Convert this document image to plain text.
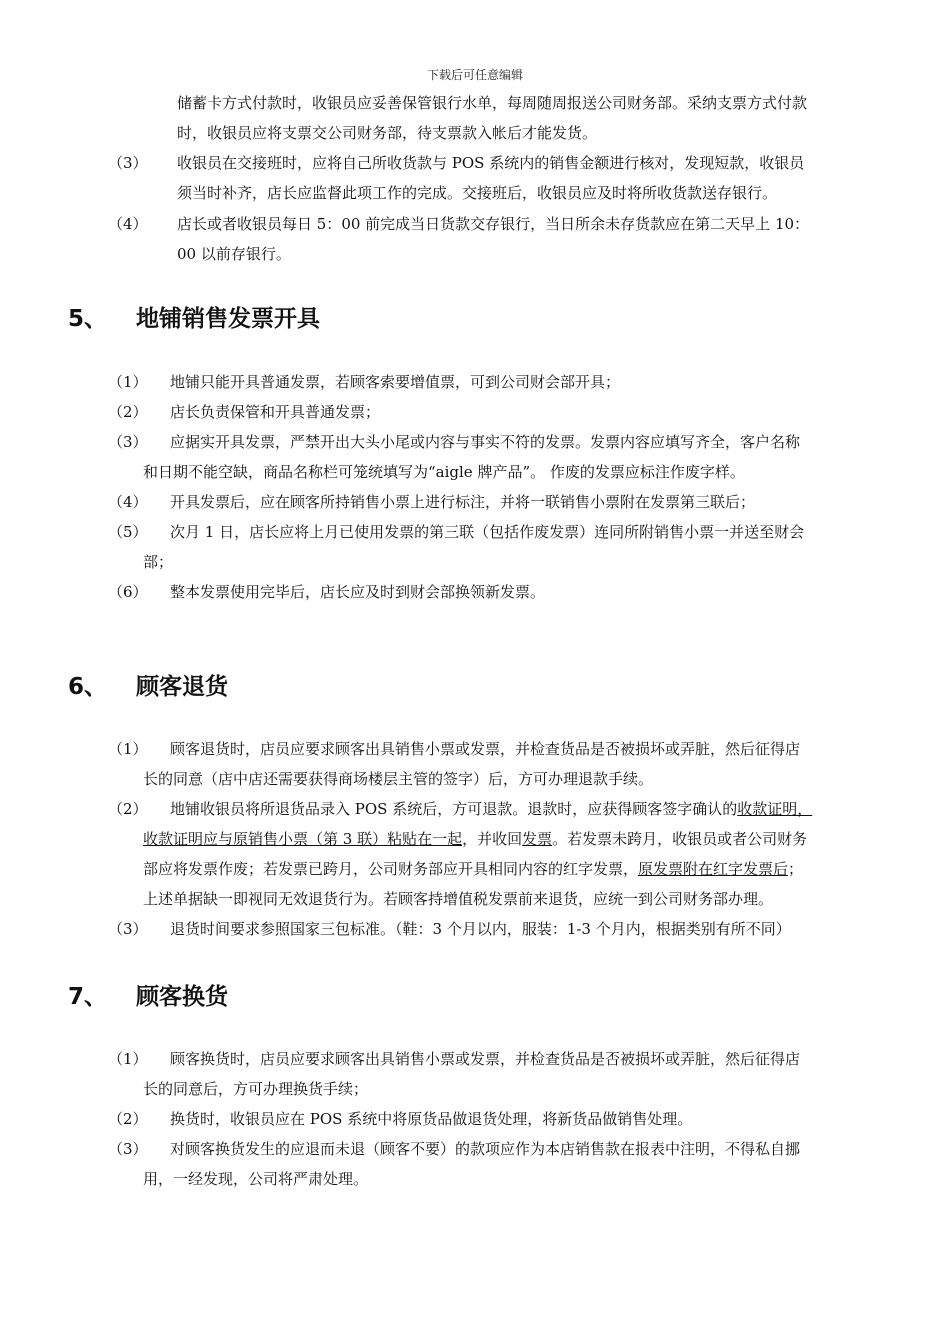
下载后可任意编辑
储蓄卡方式付款时，收银员应妥善保管银行水单，每周随周报送公司财务部。采纳支票方式付款
时，收银员应将支票交公司财务部，待支票款入帐后才能发货。
（3） 收银员在交接班时，应将自己所收货款与 POS 系统内的销售金额进行核对，发现短款，收银员
须当时补齐，店长应监督此项工作的完成。交接班后，收银员应及时将所收货款送存银行。
（4） 店长或者收银员每日 5：00 前完成当日货款交存银行，当日所余未存货款应在第二天早上 10：
00 以前存银行。
5、 地铺销售发票开具
（1） 地铺只能开具普通发票，若顾客索要增值票，可到公司财会部开具；
（2） 店长负责保管和开具普通发票；
（3） 应据实开具发票，严禁开出大头小尾或内容与事实不符的发票。发票内容应填写齐全，客户名称
和日期不能空缺，商品名称栏可笼统填写为“aigle 牌产品”。 作废的发票应标注作废字样。
（4） 开具发票后，应在顾客所持销售小票上进行标注，并将一联销售小票附在发票第三联后；
（5） 次月 1 日，店长应将上月已使用发票的第三联（包括作废发票）连同所附销售小票一并送至财会
部；
（6） 整本发票使用完毕后，店长应及时到财会部换领新发票。
6、 顾客退货
（1） 顾客退货时，店员应要求顾客出具销售小票或发票，并检查货品是否被损坏或弄脏，然后征得店
长的同意（店中店还需要获得商场楼层主管的签字）后，方可办理退款手续。
（2） 地铺收银员将所退货品录入 POS 系统后，方可退款。退款时，应获得顾客签字确认的收款证明，
收款证明应与原销售小票（第 3 联）粘贴在一起，并收回发票。若发票未跨月，收银员或者公司财务
部应将发票作废；若发票已跨月，公司财务部应开具相同内容的红字发票，原发票附在红字发票后；
上述单据缺一即视同无效退货行为。若顾客持增值税发票前来退货，应统一到公司财务部办理。
（3） 退货时间要求参照国家三包标准。（鞋：3 个月以内，服装：1-3 个月内，根据类别有所不同）
7、 顾客换货
（1） 顾客换货时，店员应要求顾客出具销售小票或发票，并检查货品是否被损坏或弄脏，然后征得店
长的同意后，方可办理换货手续；
（2） 换货时，收银员应在 POS 系统中将原货品做退货处理，将新货品做销售处理。
（3） 对顾客换货发生的应退而未退（顾客不要）的款项应作为本店销售款在报表中注明，不得私自挪
用，一经发现，公司将严肃处理。
